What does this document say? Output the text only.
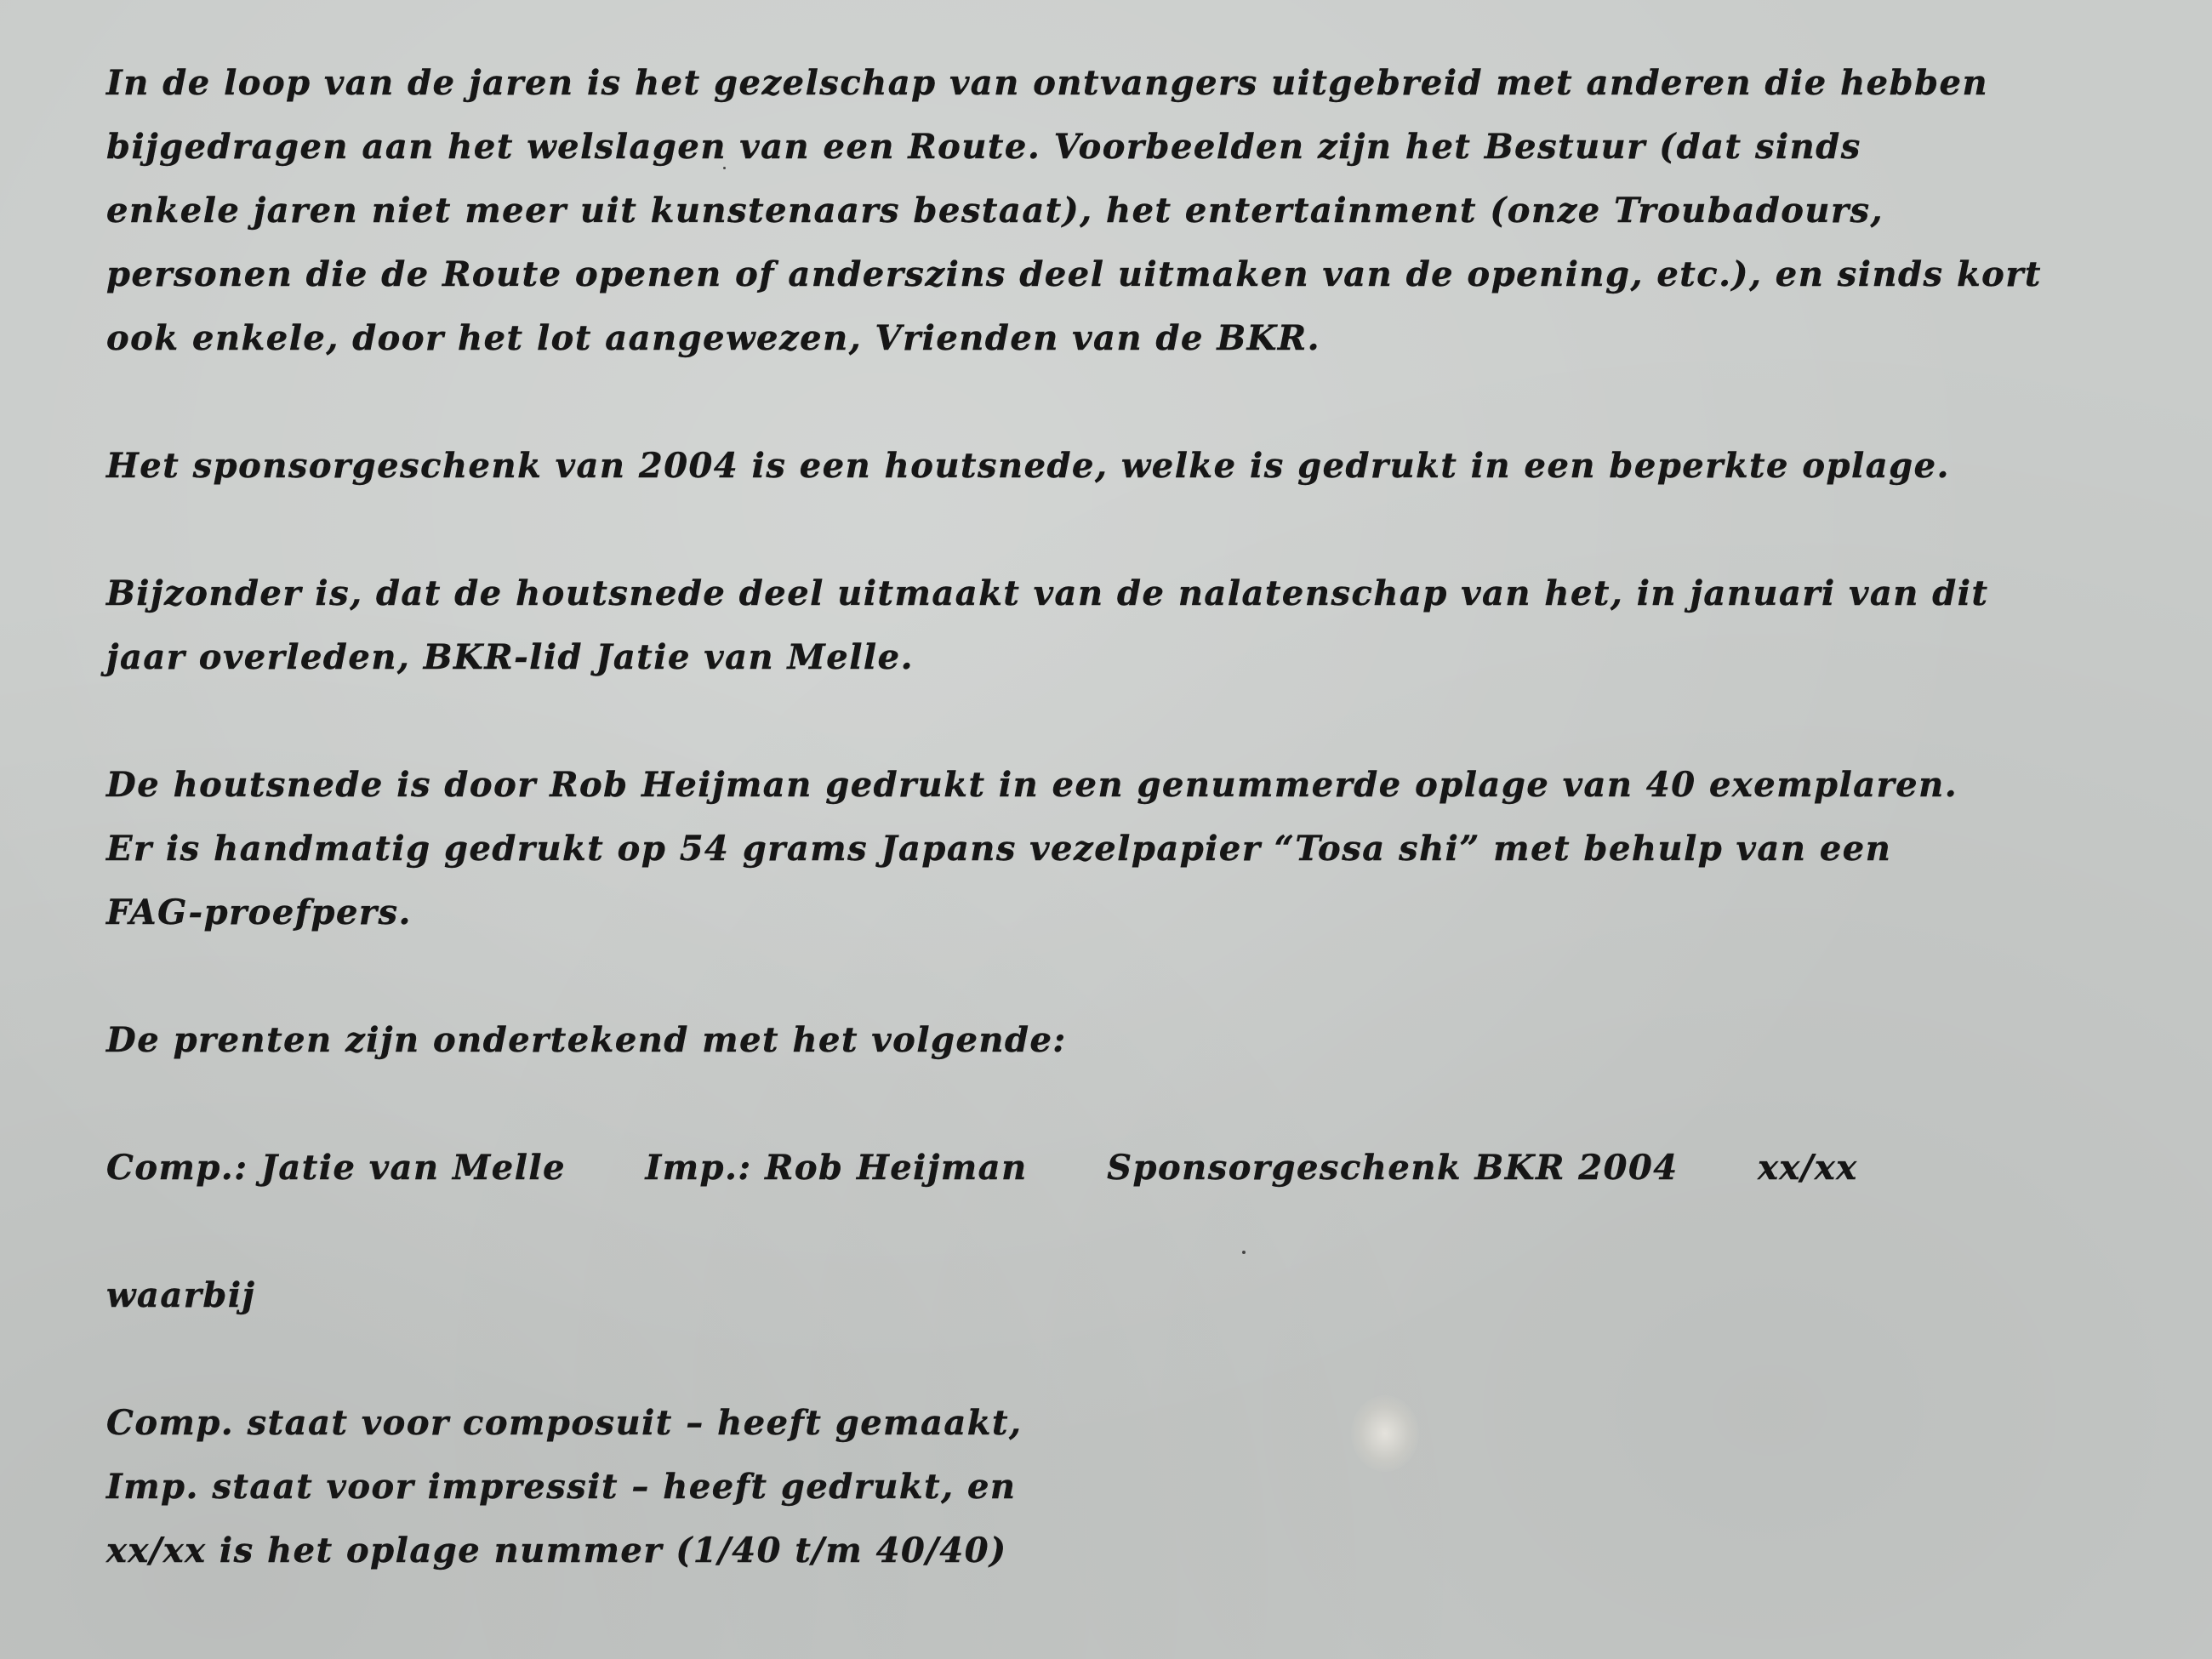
In de loop van de jaren is het gezelschap van ontvangers uitgebreid met anderen die hebben
bijgedragen aan het welslagen van een Route. Voorbeelden zijn het Bestuur (dat sinds
enkele jaren niet meer uit kunstenaars bestaat), het entertainment (onze Troubadours,
personen die de Route openen of anderszins deel uitmaken van de opening, etc.), en sinds kort
ook enkele, door het lot aangewezen, Vrienden van de BKR.
Het sponsorgeschenk van 2004 is een houtsnede, welke is gedrukt in een beperkte oplage.
Bijzonder is, dat de houtsnede deel uitmaakt van de nalatenschap van het, in januari van dit
jaar overleden, BKR-lid Jatie van Melle.
De houtsnede is door Rob Heijman gedrukt in een genummerde oplage van 40 exemplaren.
Er is handmatig gedrukt op 54 grams Japans vezelpapier “Tosa shi” met behulp van een
FAG-proefpers.
De prenten zijn ondertekend met het volgende:
Comp.: Jatie van Melle Imp.: Rob Heijman Sponsorgeschenk BKR 2004 xx/xx
waarbij
Comp. staat voor composuit – heeft gemaakt,
Imp. staat voor impressit – heeft gedrukt, en
xx/xx is het oplage nummer (1/40 t/m 40/40)
